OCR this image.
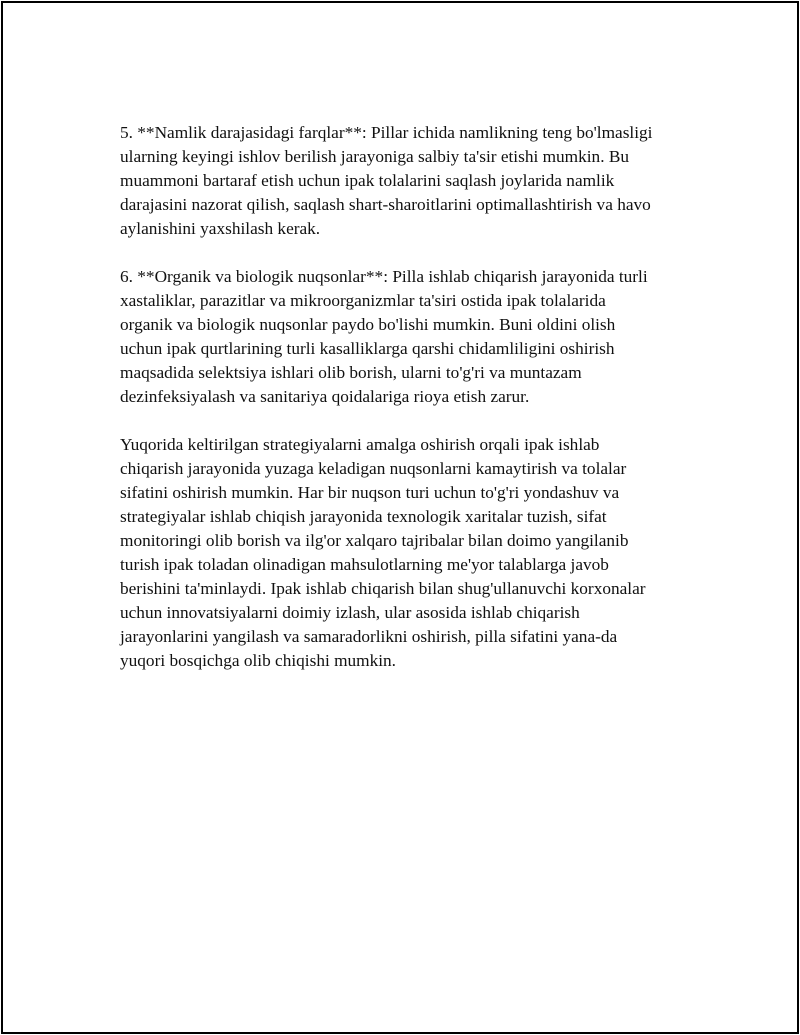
5. **Namlik darajasidagi farqlar**: Pillar ichida namlikning teng bo'lmasligi
ularning keyingi ishlov berilish jarayoniga salbiy ta'sir etishi mumkin. Bu
muammoni bartaraf etish uchun ipak tolalarini saqlash joylarida namlik
darajasini nazorat qilish, saqlash shart-sharoitlarini optimallashtirish va havo
aylanishini yaxshilash kerak.

6. **Organik va biologik nuqsonlar**: Pilla ishlab chiqarish jarayonida turli
xastaliklar, parazitlar va mikroorganizmlar ta'siri ostida ipak tolalarida
organik va biologik nuqsonlar paydo bo'lishi mumkin. Buni oldini olish
uchun ipak qurtlarining turli kasalliklarga qarshi chidamliligini oshirish
maqsadida selektsiya ishlari olib borish, ularni to'g'ri va muntazam
dezinfeksiyalash va sanitariya qoidalariga rioya etish zarur.

Yuqorida keltirilgan strategiyalarni amalga oshirish orqali ipak ishlab
chiqarish jarayonida yuzaga keladigan nuqsonlarni kamaytirish va tolalar
sifatini oshirish mumkin. Har bir nuqson turi uchun to'g'ri yondashuv va
strategiyalar ishlab chiqish jarayonida texnologik xaritalar tuzish, sifat
monitoringi olib borish va ilg'or xalqaro tajribalar bilan doimo yangilanib
turish ipak toladan olinadigan mahsulotlarning me'yor talablarga javob
berishini ta'minlaydi. Ipak ishlab chiqarish bilan shug'ullanuvchi korxonalar
uchun innovatsiyalarni doimiy izlash, ular asosida ishlab chiqarish
jarayonlarini yangilash va samaradorlikni oshirish, pilla sifatini yana-da
yuqori bosqichga olib chiqishi mumkin.
